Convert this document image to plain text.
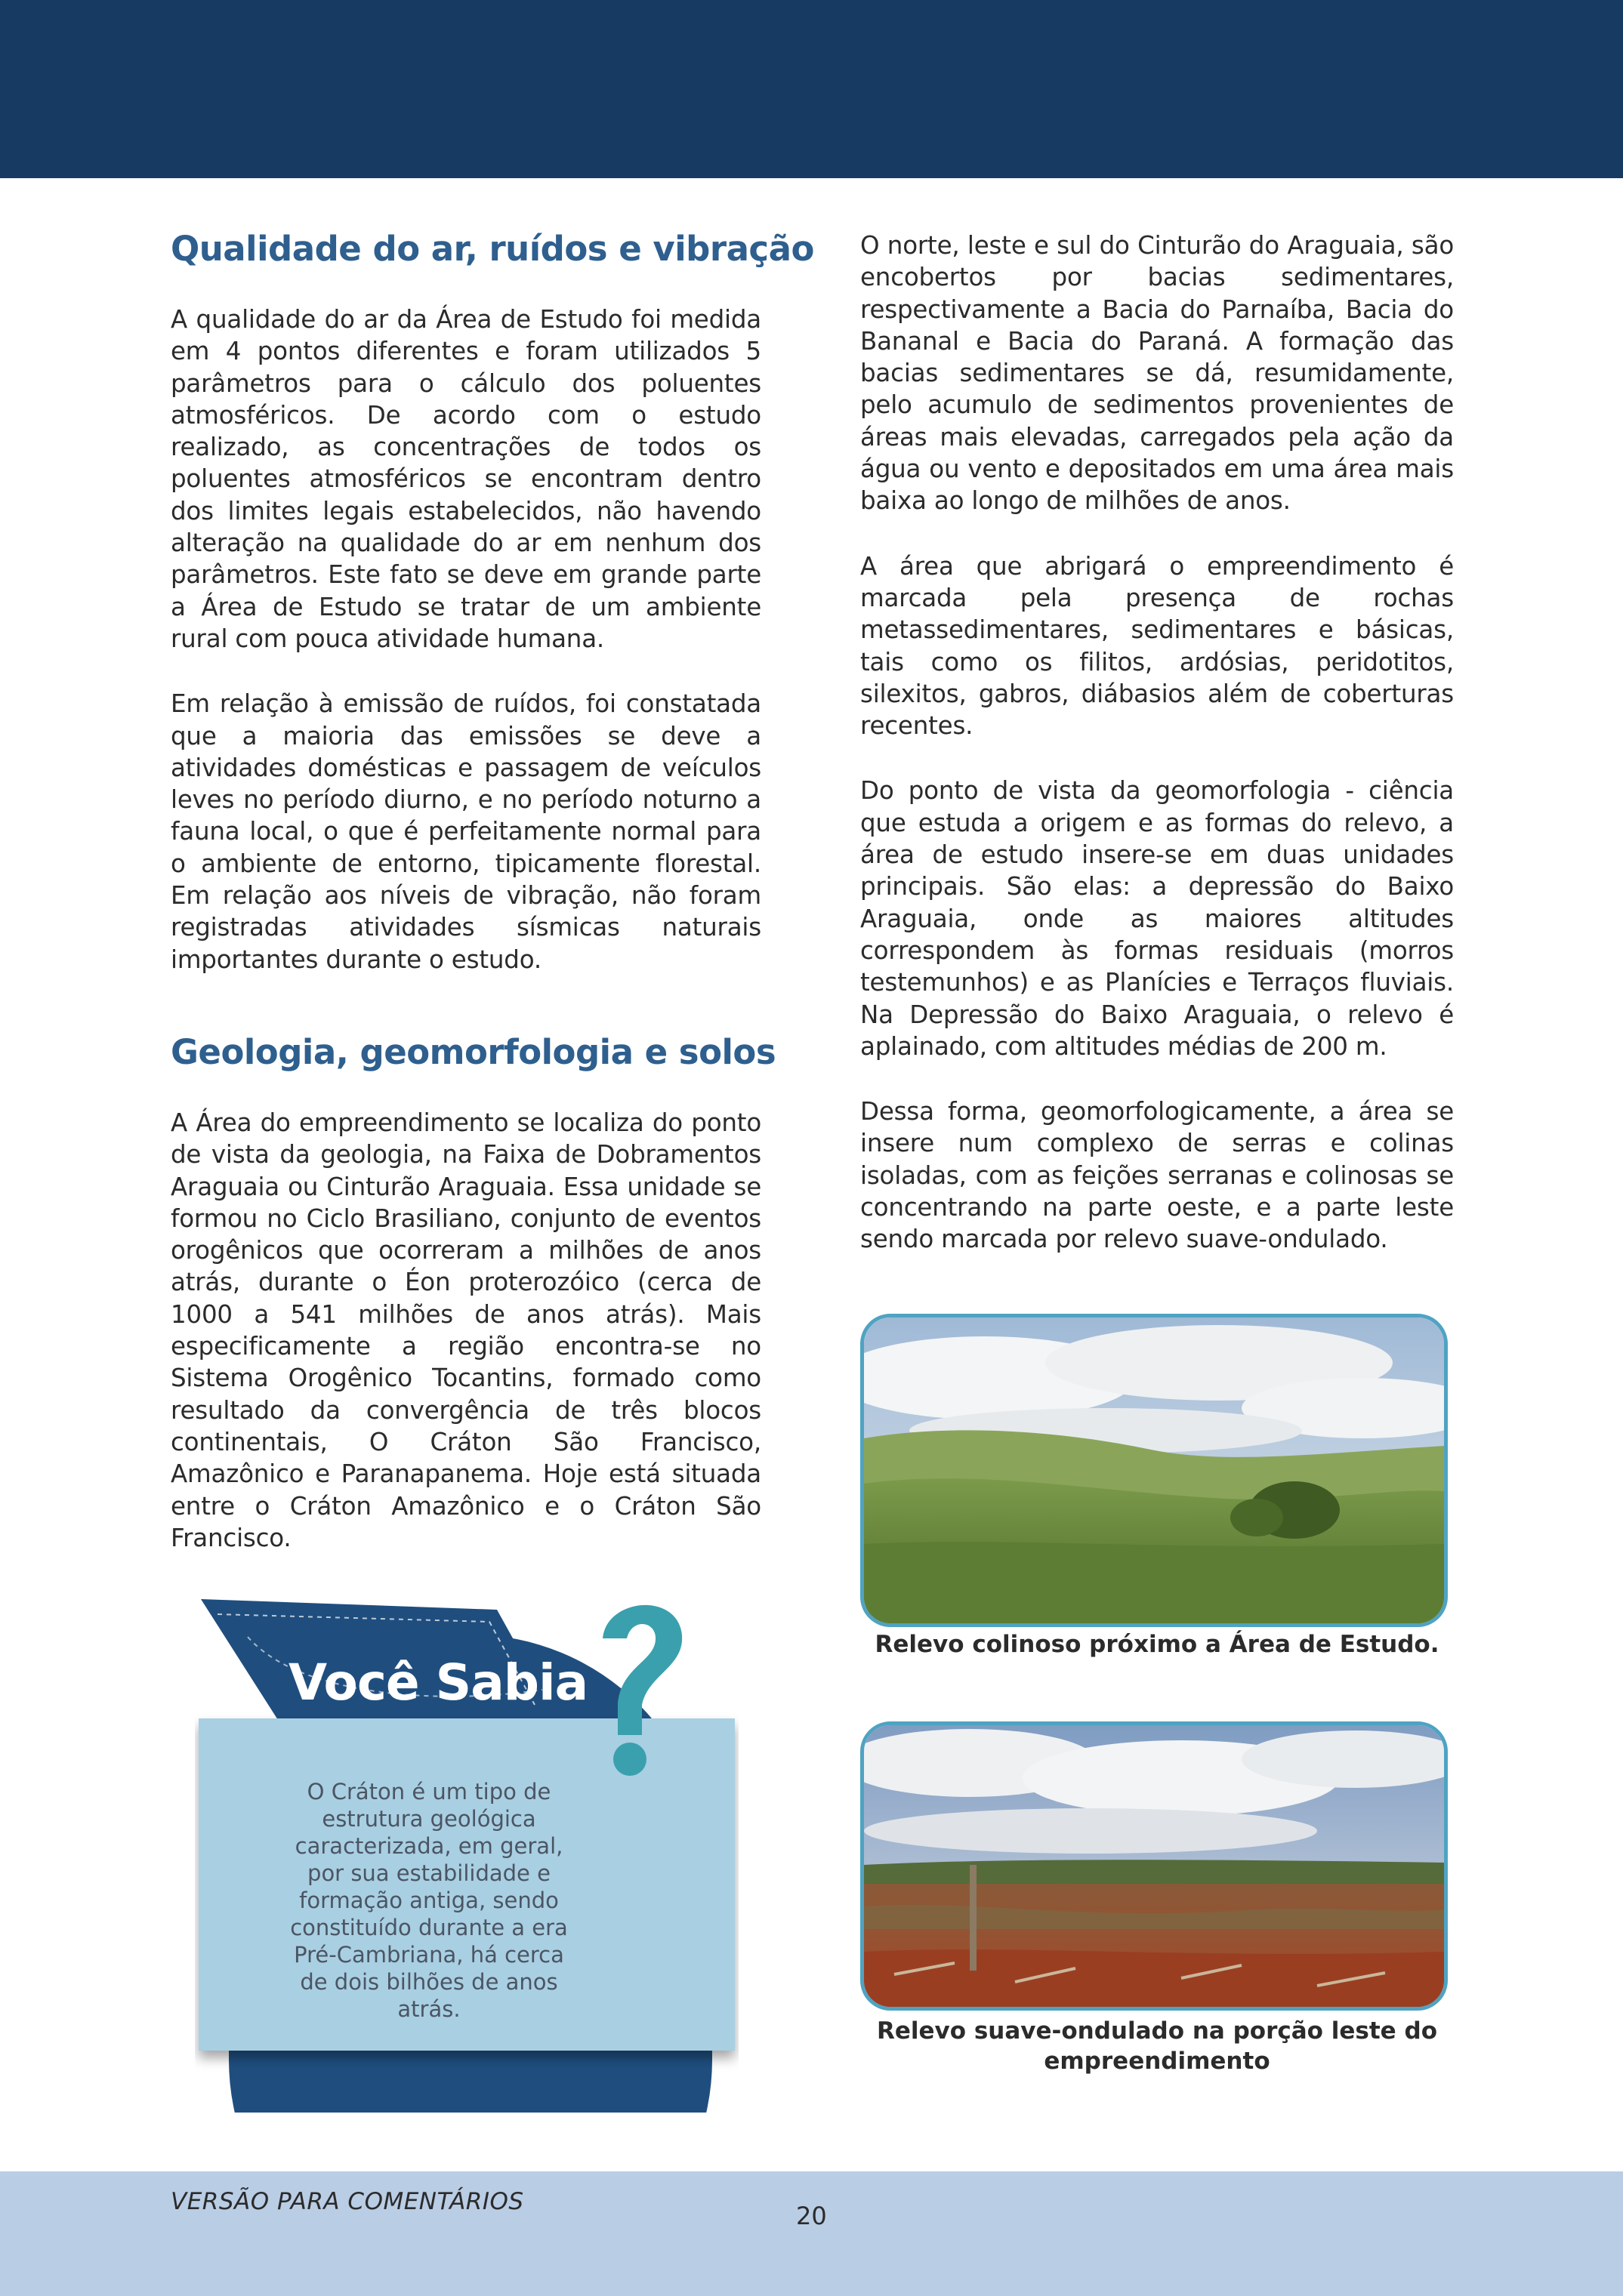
Qualidade do ar, ruídos e vibração

A qualidade do ar da Área de Estudo foi medida em 4 pontos diferentes e foram utilizados 5 parâmetros para o cálculo dos poluentes atmosféricos. De acordo com o estudo realizado, as concentrações de todos os poluentes atmosféricos se encontram dentro dos limites legais estabelecidos, não havendo alteração na qualidade do ar em nenhum dos parâmetros. Este fato se deve em grande parte a Área de Estudo se tratar de um ambiente rural com pouca atividade humana.

Em relação à emissão de ruídos, foi constatada que a maioria das emissões se deve a atividades domésticas e passagem de veículos leves no período diurno, e no período noturno a fauna local, o que é perfeitamente normal para o ambiente de entorno, tipicamente florestal. Em relação aos níveis de vibração, não foram registradas atividades sísmicas naturais importantes durante o estudo.

Geologia, geomorfologia e solos

A Área do empreendimento se localiza do ponto de vista da geologia, na Faixa de Dobramentos Araguaia ou Cinturão Araguaia. Essa unidade se formou no Ciclo Brasiliano, conjunto de eventos orogênicos que ocorreram a milhões de anos atrás, durante o Éon proterozóico (cerca de 1000 a 541 milhões de anos atrás). Mais especificamente a região encontra-se no Sistema Orogênico Tocantins, formado como resultado da convergência de três blocos continentais, O Cráton São Francisco, Amazônico e Paranapanema. Hoje está situada entre o Cráton Amazônico e o Cráton São Francisco.

O norte, leste e sul do Cinturão do Araguaia, são encobertos por bacias sedimentares, respectivamente a Bacia do Parnaíba, Bacia do Bananal e Bacia do Paraná. A formação das bacias sedimentares se dá, resumidamente, pelo acumulo de sedimentos provenientes de áreas mais elevadas, carregados pela ação da água ou vento e depositados em uma área mais baixa ao longo de milhões de anos.

A área que abrigará o empreendimento é marcada pela presença de rochas metassedimentares, sedimentares e básicas, tais como os filitos, ardósias, peridotitos, silexitos, gabros, diábasios além de coberturas recentes.

Do ponto de vista da geomorfologia - ciência que estuda a origem e as formas do relevo, a área de estudo insere-se em duas unidades principais. São elas: a depressão do Baixo Araguaia, onde as maiores altitudes correspondem às formas residuais (morros testemunhos) e as Planícies e Terraços fluviais. Na Depressão do Baixo Araguaia, o relevo é aplainado, com altitudes médias de 200 m.

Dessa forma, geomorfologicamente, a área se insere num complexo de serras e colinas isoladas, com as feições serranas e colinosas se concentrando na parte oeste, e a parte leste sendo marcada por relevo suave-ondulado.

Você Sabia
O Cráton é um tipo de estrutura geológica caracterizada, em geral, por sua estabilidade e formação antiga, sendo constituído durante a era Pré-Cambriana, há cerca de dois bilhões de anos atrás.
Relevo colinoso próximo a Área de Estudo.
Relevo suave-ondulado na porção leste do empreendimento
VERSÃO PARA COMENTÁRIOS	20
